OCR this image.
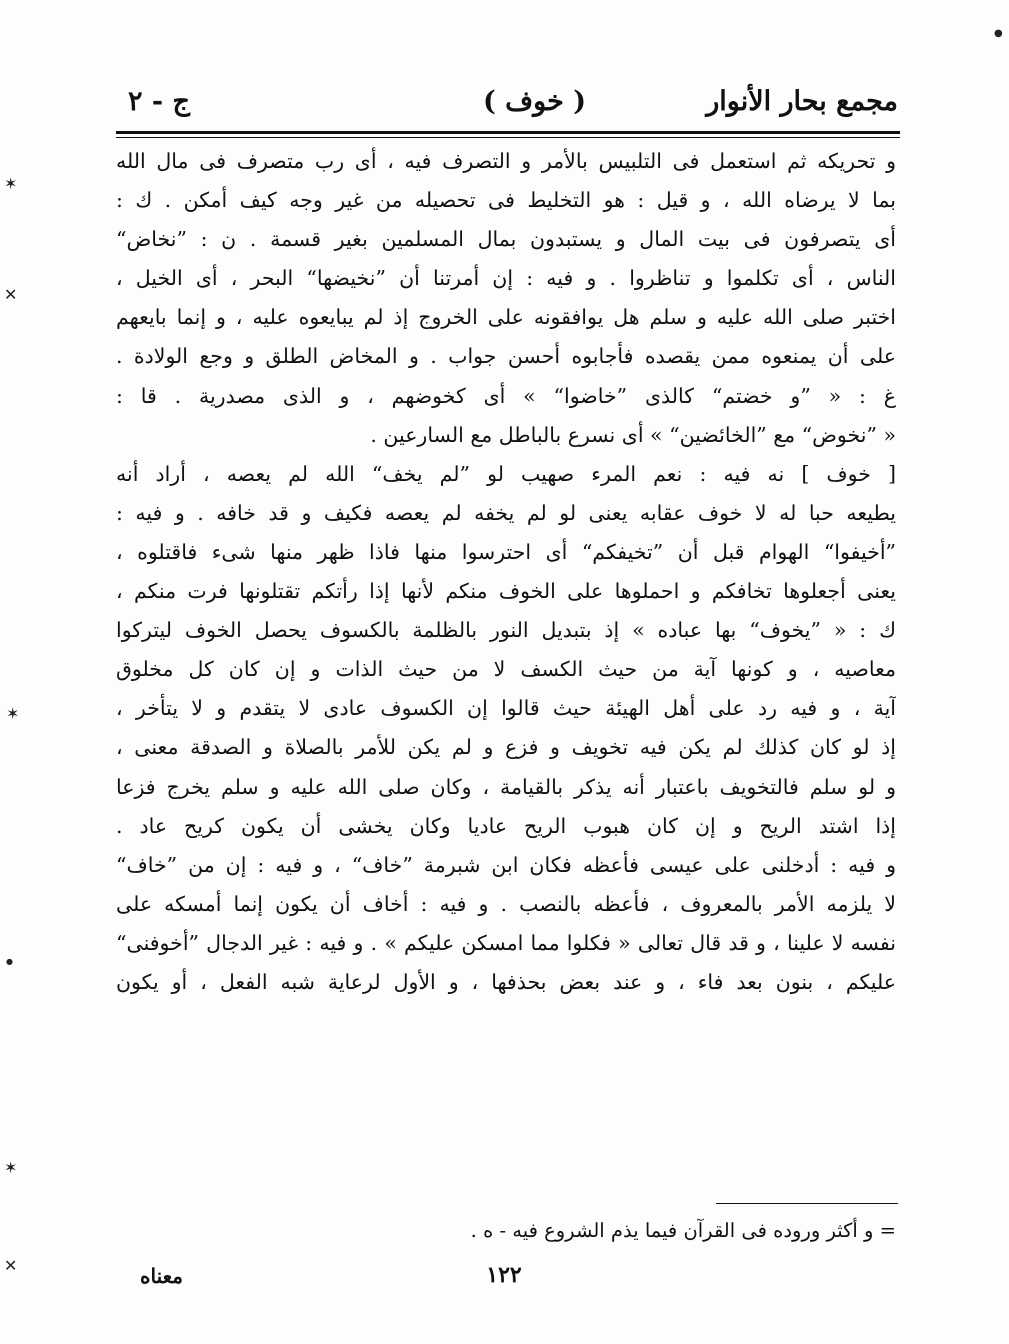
مجمع بحار الأنوار
( خوف )
ج - ٢
و تحريكه ثم استعمل فى التلبيس بالأمر و التصرف فيه ، أى رب متصرف فى مال الله
بما لا يرضاه الله ، و قيل : هو التخليط فى تحصيله من غير وجه كيف أمكن . ك :
أى يتصرفون فى بيت المال و يستبدون بمال المسلمين بغير قسمة . ن : ”نخاض“
الناس ، أى تكلموا و تناظروا . و فيه : إن أمرتنا أن ”نخيضها“ البحر ، أى الخيل ،
اختبر صلى الله عليه و سلم هل يوافقونه على الخروج إذ لم يبايعوه عليه ، و إنما بايعهم
على أن يمنعوه ممن يقصده فأجابوه أحسن جواب . و المخاض الطلق و وجع الولادة .
غ : « ”و خضتم“ كالذى ”خاضوا“ » أى كخوضهم ، و الذى مصدرية . قا :
« ”نخوض“ مع ”الخائضين“ » أى نسرع بالباطل مع السارعين .
[ خوف ] نه فيه : نعم المرء صهيب لو ”لم يخف“ الله لم يعصه ، أراد أنه
يطيعه حبا له لا خوف عقابه يعنى لو لم يخفه لم يعصه فكيف و قد خافه . و فيه :
”أخيفوا“ الهوام قبل أن ”تخيفكم“ أى احترسوا منها فاذا ظهر منها شىء فاقتلوه ،
يعنى أجعلوها تخافكم و احملوها على الخوف منكم لأنها إذا رأتكم تقتلونها فرت منكم ،
ك : « ”يخوف“ بها عباده » إذ بتبديل النور بالظلمة بالكسوف يحصل الخوف ليتركوا
معاصيه ، و كونها آية من حيث الكسف لا من حيث الذات و إن كان كل مخلوق
آية ، و فيه رد على أهل الهيئة حيث قالوا إن الكسوف عادى لا يتقدم و لا يتأخر ،
إذ لو كان كذلك لم يكن فيه تخويف و فزع و لم يكن للأمر بالصلاة و الصدقة معنى ،
و لو سلم فالتخويف باعتبار أنه يذكر بالقيامة ، وكان صلى الله عليه و سلم يخرج فزعا
إذا اشتد الريح و إن كان هبوب الريح عاديا وكان يخشى أن يكون كريح عاد .
و فيه : أدخلنى على عيسى فأعظه فكان ابن شبرمة ”خاف“ ، و فيه : إن من ”خاف“
لا يلزمه الأمر بالمعروف ، فأعظه بالنصب . و فيه : أخاف أن يكون إنما أمسكه على
نفسه لا علينا ، و قد قال تعالى « فكلوا مما امسكن عليكم » . و فيه : غير الدجال ”أخوفنى“
عليكم ، بنون بعد فاء ، و عند بعض بحذفها ، و الأول لرعاية شبه الفعل ، أو يكون
= و أكثر وروده فى القرآن فيما يذم الشروع فيه - ه .
١٢٢
معناه
✶
✕
✶
✶
✕
●
●
